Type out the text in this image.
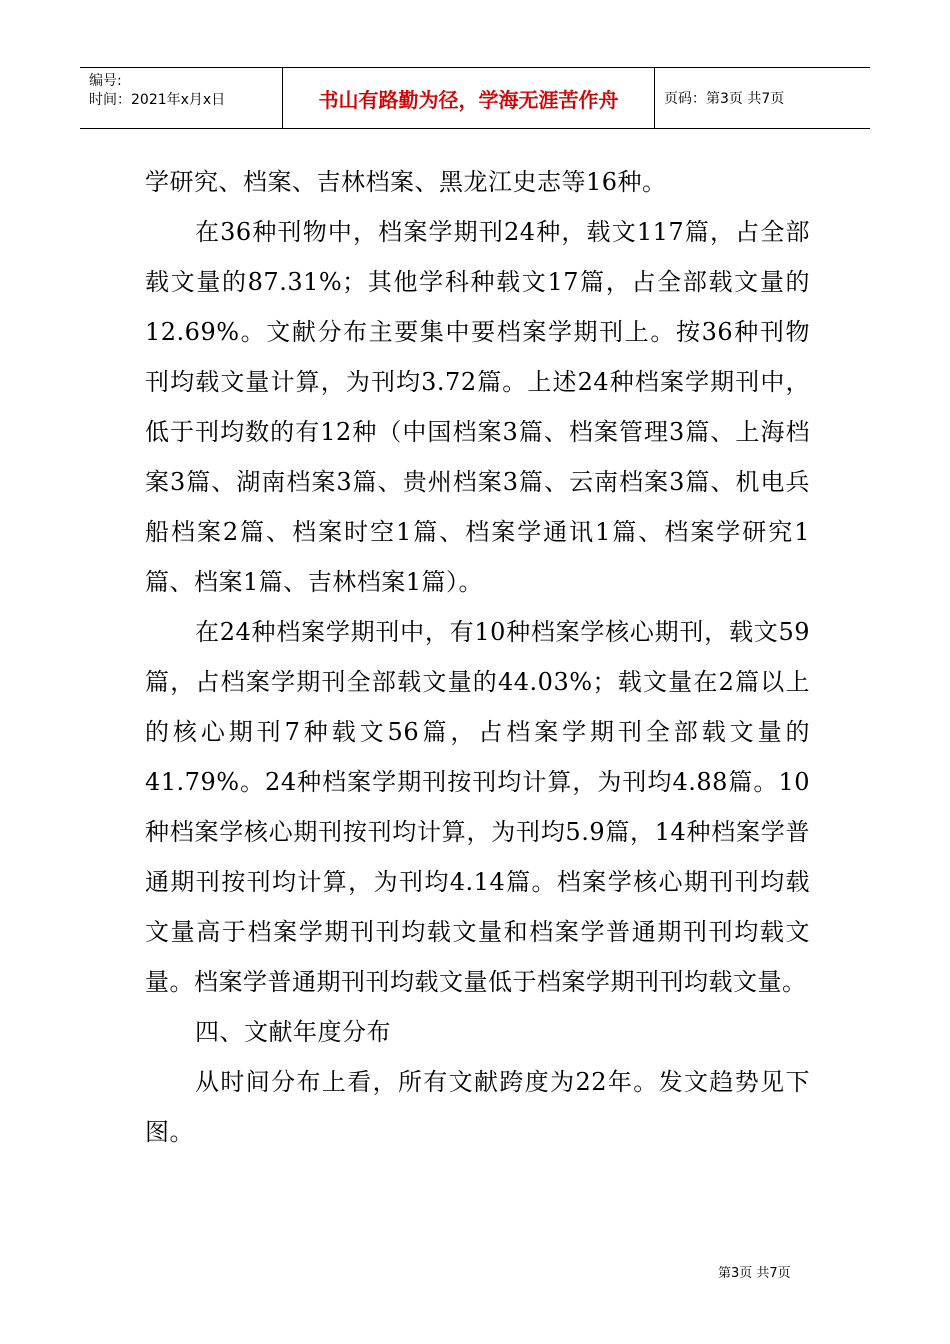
编号:
时间：2021年x月x日	书山有路勤为径，学海无涯苦作舟	页码：第3页 共7页

学研究、档案、吉林档案、黑龙江史志等16种。

在36种刊物中，档案学期刊24种，载文117篇，占全部载文量的87.31%；其他学科种载文17篇，占全部载文量的12.69%。文献分布主要集中要档案学期刊上。按36种刊物刊均载文量计算，为刊均3.72篇。上述24种档案学期刊中，低于刊均数的有12种（中国档案3篇、档案管理3篇、上海档案3篇、湖南档案3篇、贵州档案3篇、云南档案3篇、机电兵船档案2篇、档案时空1篇、档案学通讯1篇、档案学研究1篇、档案1篇、吉林档案1篇）。

在24种档案学期刊中，有10种档案学核心期刊，载文59篇，占档案学期刊全部载文量的44.03%；载文量在2篇以上的核心期刊7种载文56篇，占档案学期刊全部载文量的41.79%。24种档案学期刊按刊均计算，为刊均4.88篇。10种档案学核心期刊按刊均计算，为刊均5.9篇，14种档案学普通期刊按刊均计算，为刊均4.14篇。档案学核心期刊刊均载文量高于档案学期刊刊均载文量和档案学普通期刊刊均载文量。档案学普通期刊刊均载文量低于档案学期刊刊均载文量。

四、文献年度分布

从时间分布上看，所有文献跨度为22年。发文趋势见下图。

第3页 共7页
